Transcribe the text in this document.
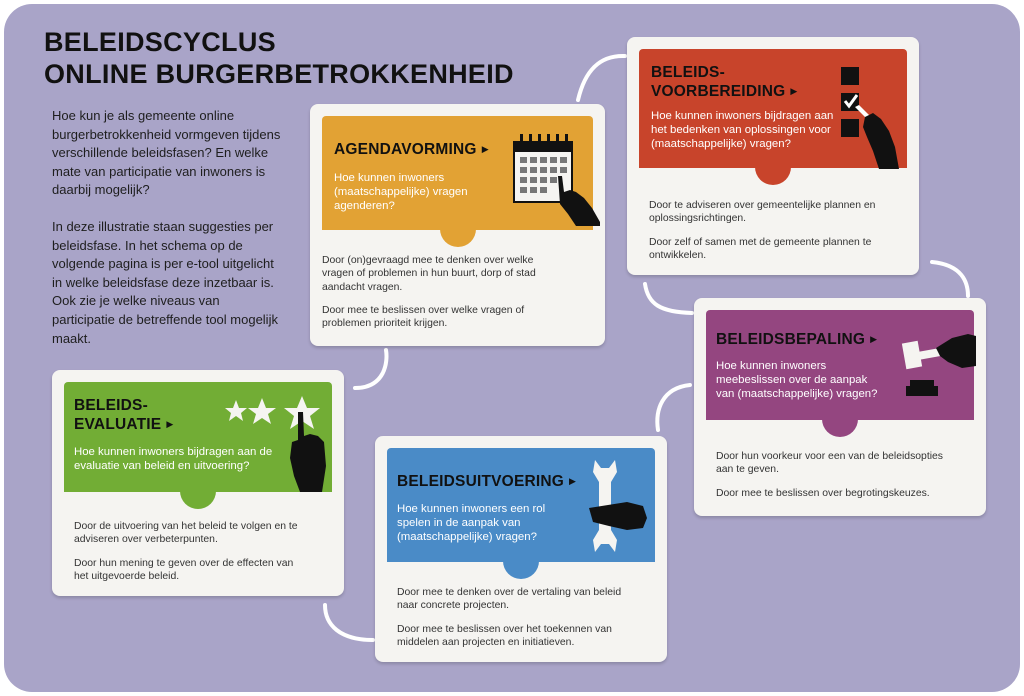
BELEIDSCYCLUS
ONLINE BURGERBETROKKENHEID

Hoe kun je als gemeente online burgerbetrokkenheid vormgeven tijdens verschillende beleidsfasen? En welke mate van participatie van inwoners is daarbij mogelijk?

In deze illustratie staan suggesties per beleidsfase. In het schema op de volgende pagina is per e-tool uitgelicht in welke beleidsfase deze inzetbaar is. Ook zie je welke niveaus van participatie de betreffende tool mogelijk maakt.

AGENDAVORMING ▶

Hoe kunnen inwoners (maatschappelijke) vragen agenderen?

Door (on)gevraagd mee te denken over welke vragen of problemen in hun buurt, dorp of stad aandacht vragen.

Door mee te beslissen over welke vragen of problemen prioriteit krijgen.

BELEIDS-
VOORBEREIDING ▶

Hoe kunnen inwoners bijdragen aan het bedenken van oplossingen voor (maatschappelijke) vragen?

Door te adviseren over gemeentelijke plannen en oplossingsrichtingen.

Door zelf of samen met de gemeente plannen te ontwikkelen.

BELEIDSBEPALING ▶

Hoe kunnen inwoners meebeslissen over de aanpak van (maatschappelijke) vragen?

Door hun voorkeur voor een van de beleidsopties aan te geven.

Door mee te beslissen over begrotingskeuzes.

BELEIDSUITVOERING ▶

Hoe kunnen inwoners een rol spelen in de aanpak van (maatschappelijke) vragen?

Door mee te denken over de vertaling van beleid naar concrete projecten.

Door mee te beslissen over het toekennen van middelen aan projecten en initiatieven.

BELEIDS-
EVALUATIE ▶

Hoe kunnen inwoners bijdragen aan de evaluatie van beleid en uitvoering?

Door de uitvoering van het beleid te volgen en te adviseren over verbeterpunten.

Door hun mening te geven over de effecten van het uitgevoerde beleid.
